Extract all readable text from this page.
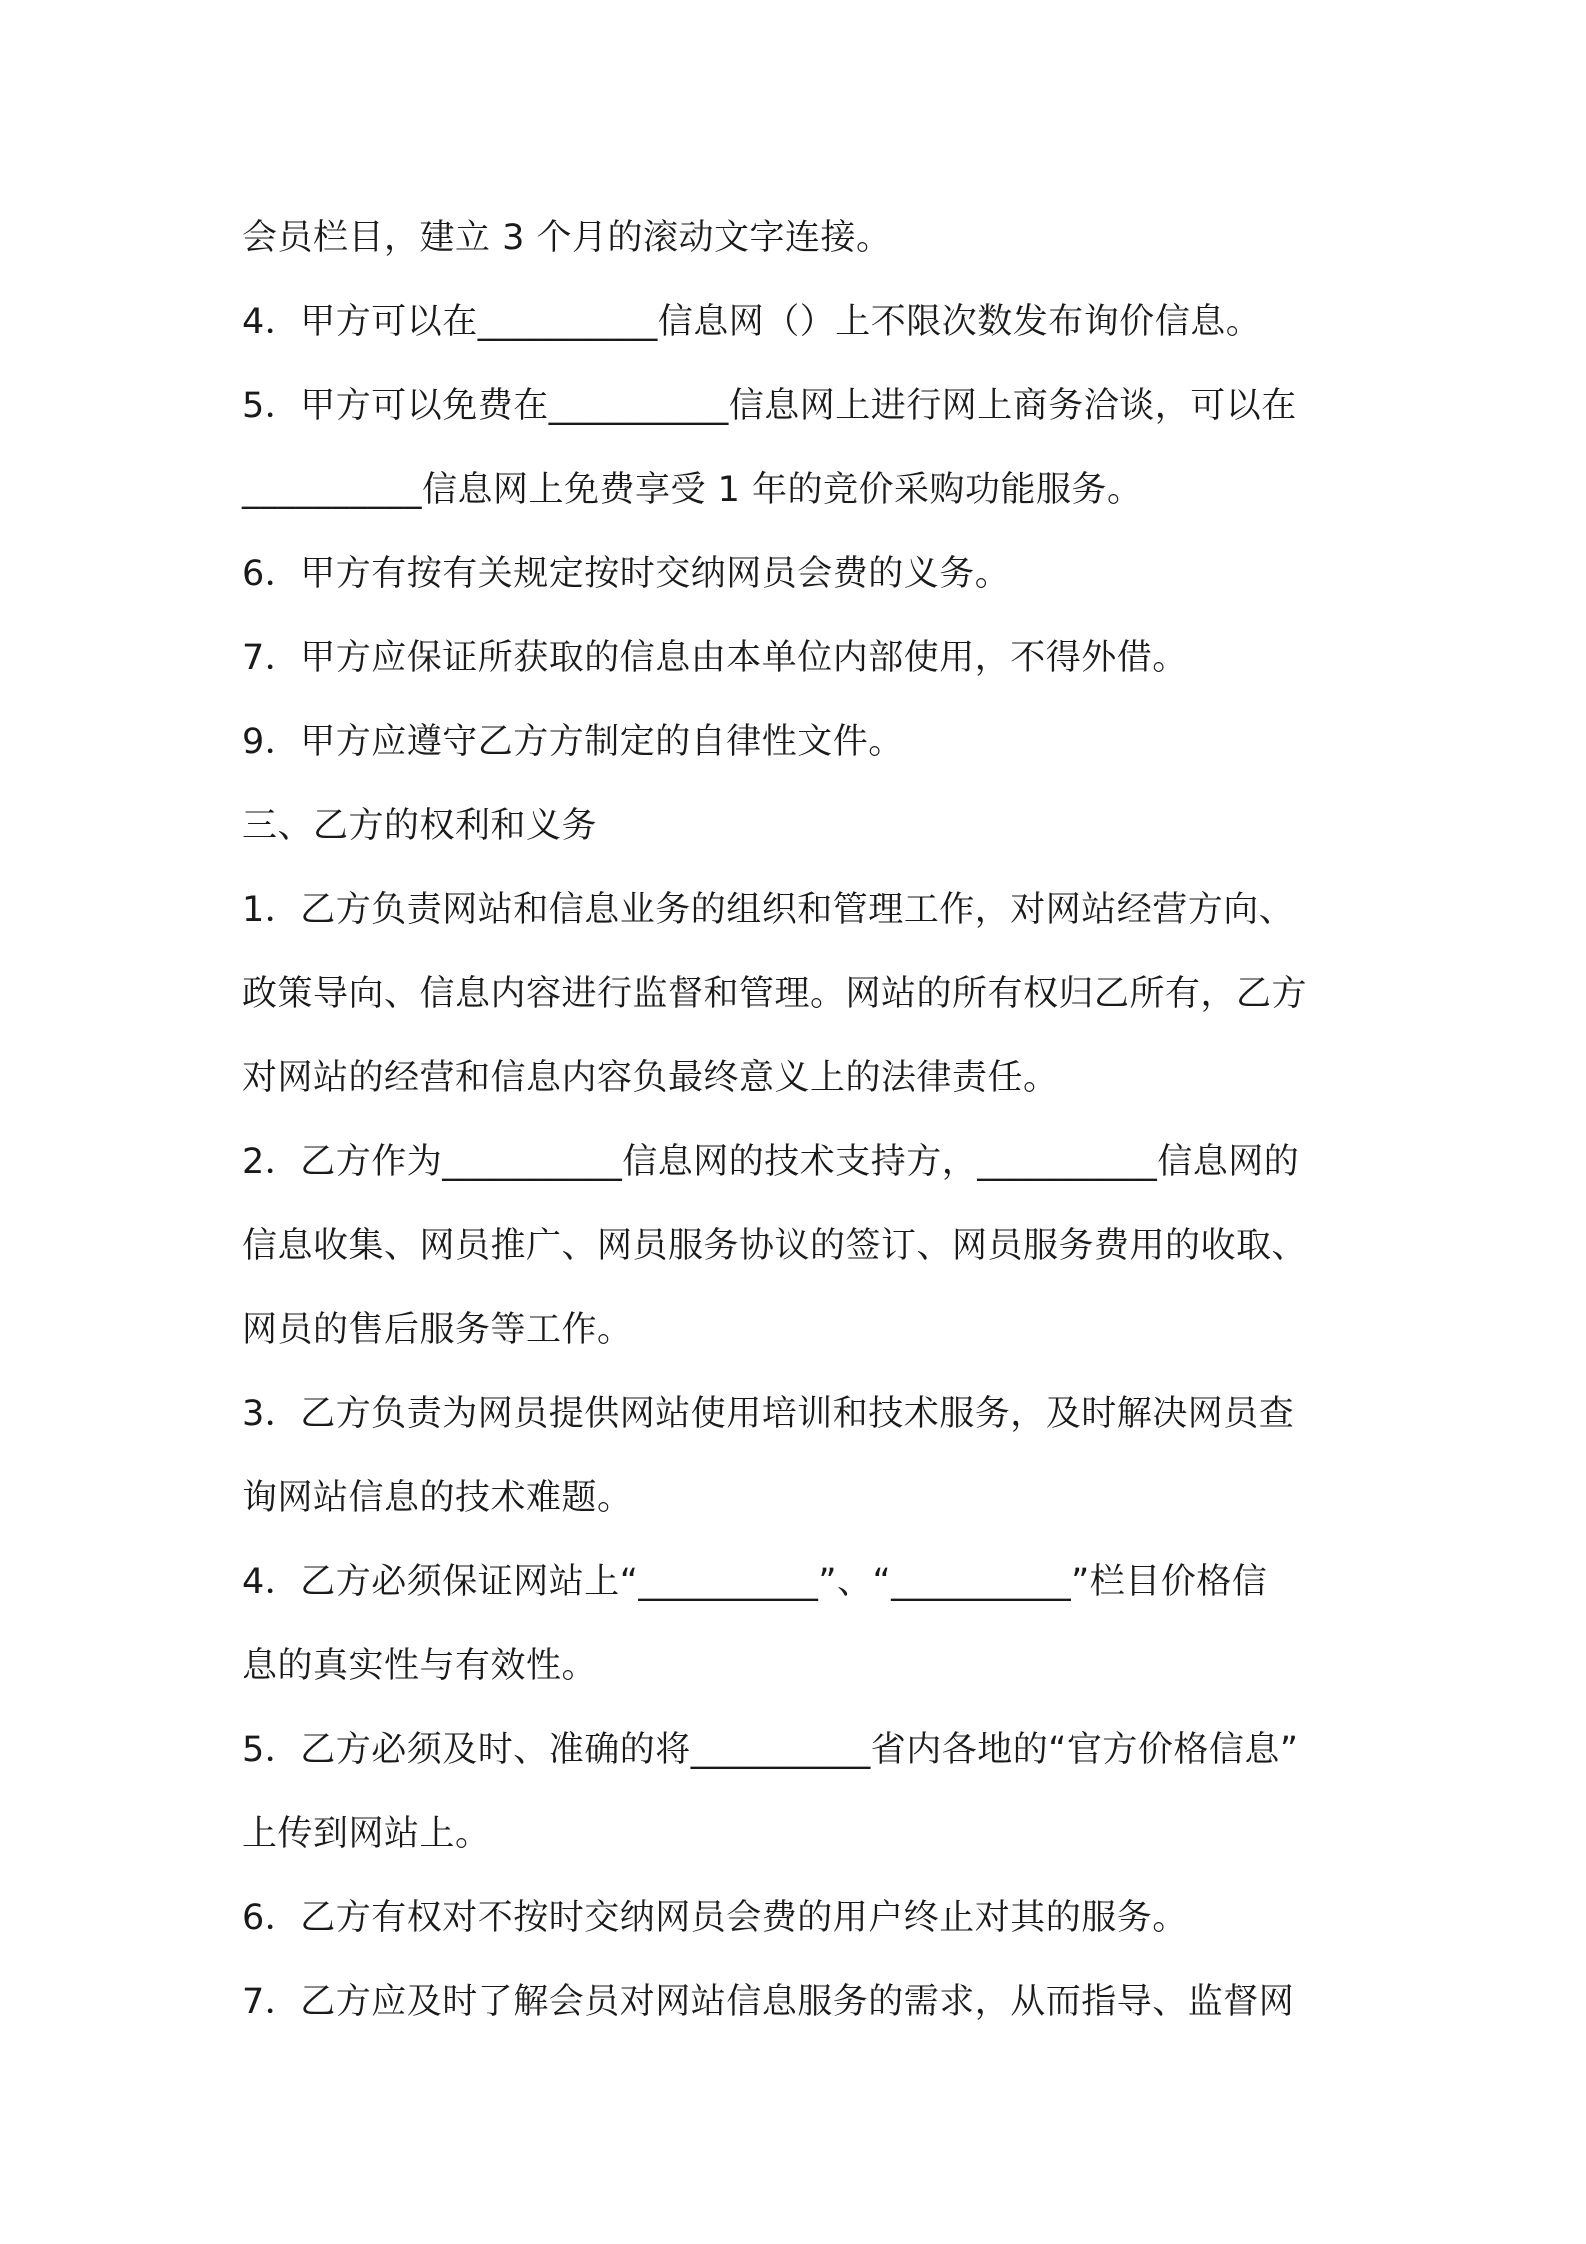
会员栏目，建立 3 个月的滚动文字连接。
4．甲方可以在__________信息网（）上不限次数发布询价信息。
5．甲方可以免费在__________信息网上进行网上商务洽谈，可以在
__________信息网上免费享受 1 年的竞价采购功能服务。
6．甲方有按有关规定按时交纳网员会费的义务。
7．甲方应保证所获取的信息由本单位内部使用，不得外借。
9．甲方应遵守乙方方制定的自律性文件。
三、乙方的权利和义务
1．乙方负责网站和信息业务的组织和管理工作，对网站经营方向、
政策导向、信息内容进行监督和管理。网站的所有权归乙所有，乙方
对网站的经营和信息内容负最终意义上的法律责任。
2．乙方作为__________信息网的技术支持方，__________信息网的
信息收集、网员推广、网员服务协议的签订、网员服务费用的收取、
网员的售后服务等工作。
3．乙方负责为网员提供网站使用培训和技术服务，及时解决网员查
询网站信息的技术难题。
4．乙方必须保证网站上“__________”、“__________”栏目价格信
息的真实性与有效性。
5．乙方必须及时、准确的将__________省内各地的“官方价格信息”
上传到网站上。
6．乙方有权对不按时交纳网员会费的用户终止对其的服务。
7．乙方应及时了解会员对网站信息服务的需求，从而指导、监督网
